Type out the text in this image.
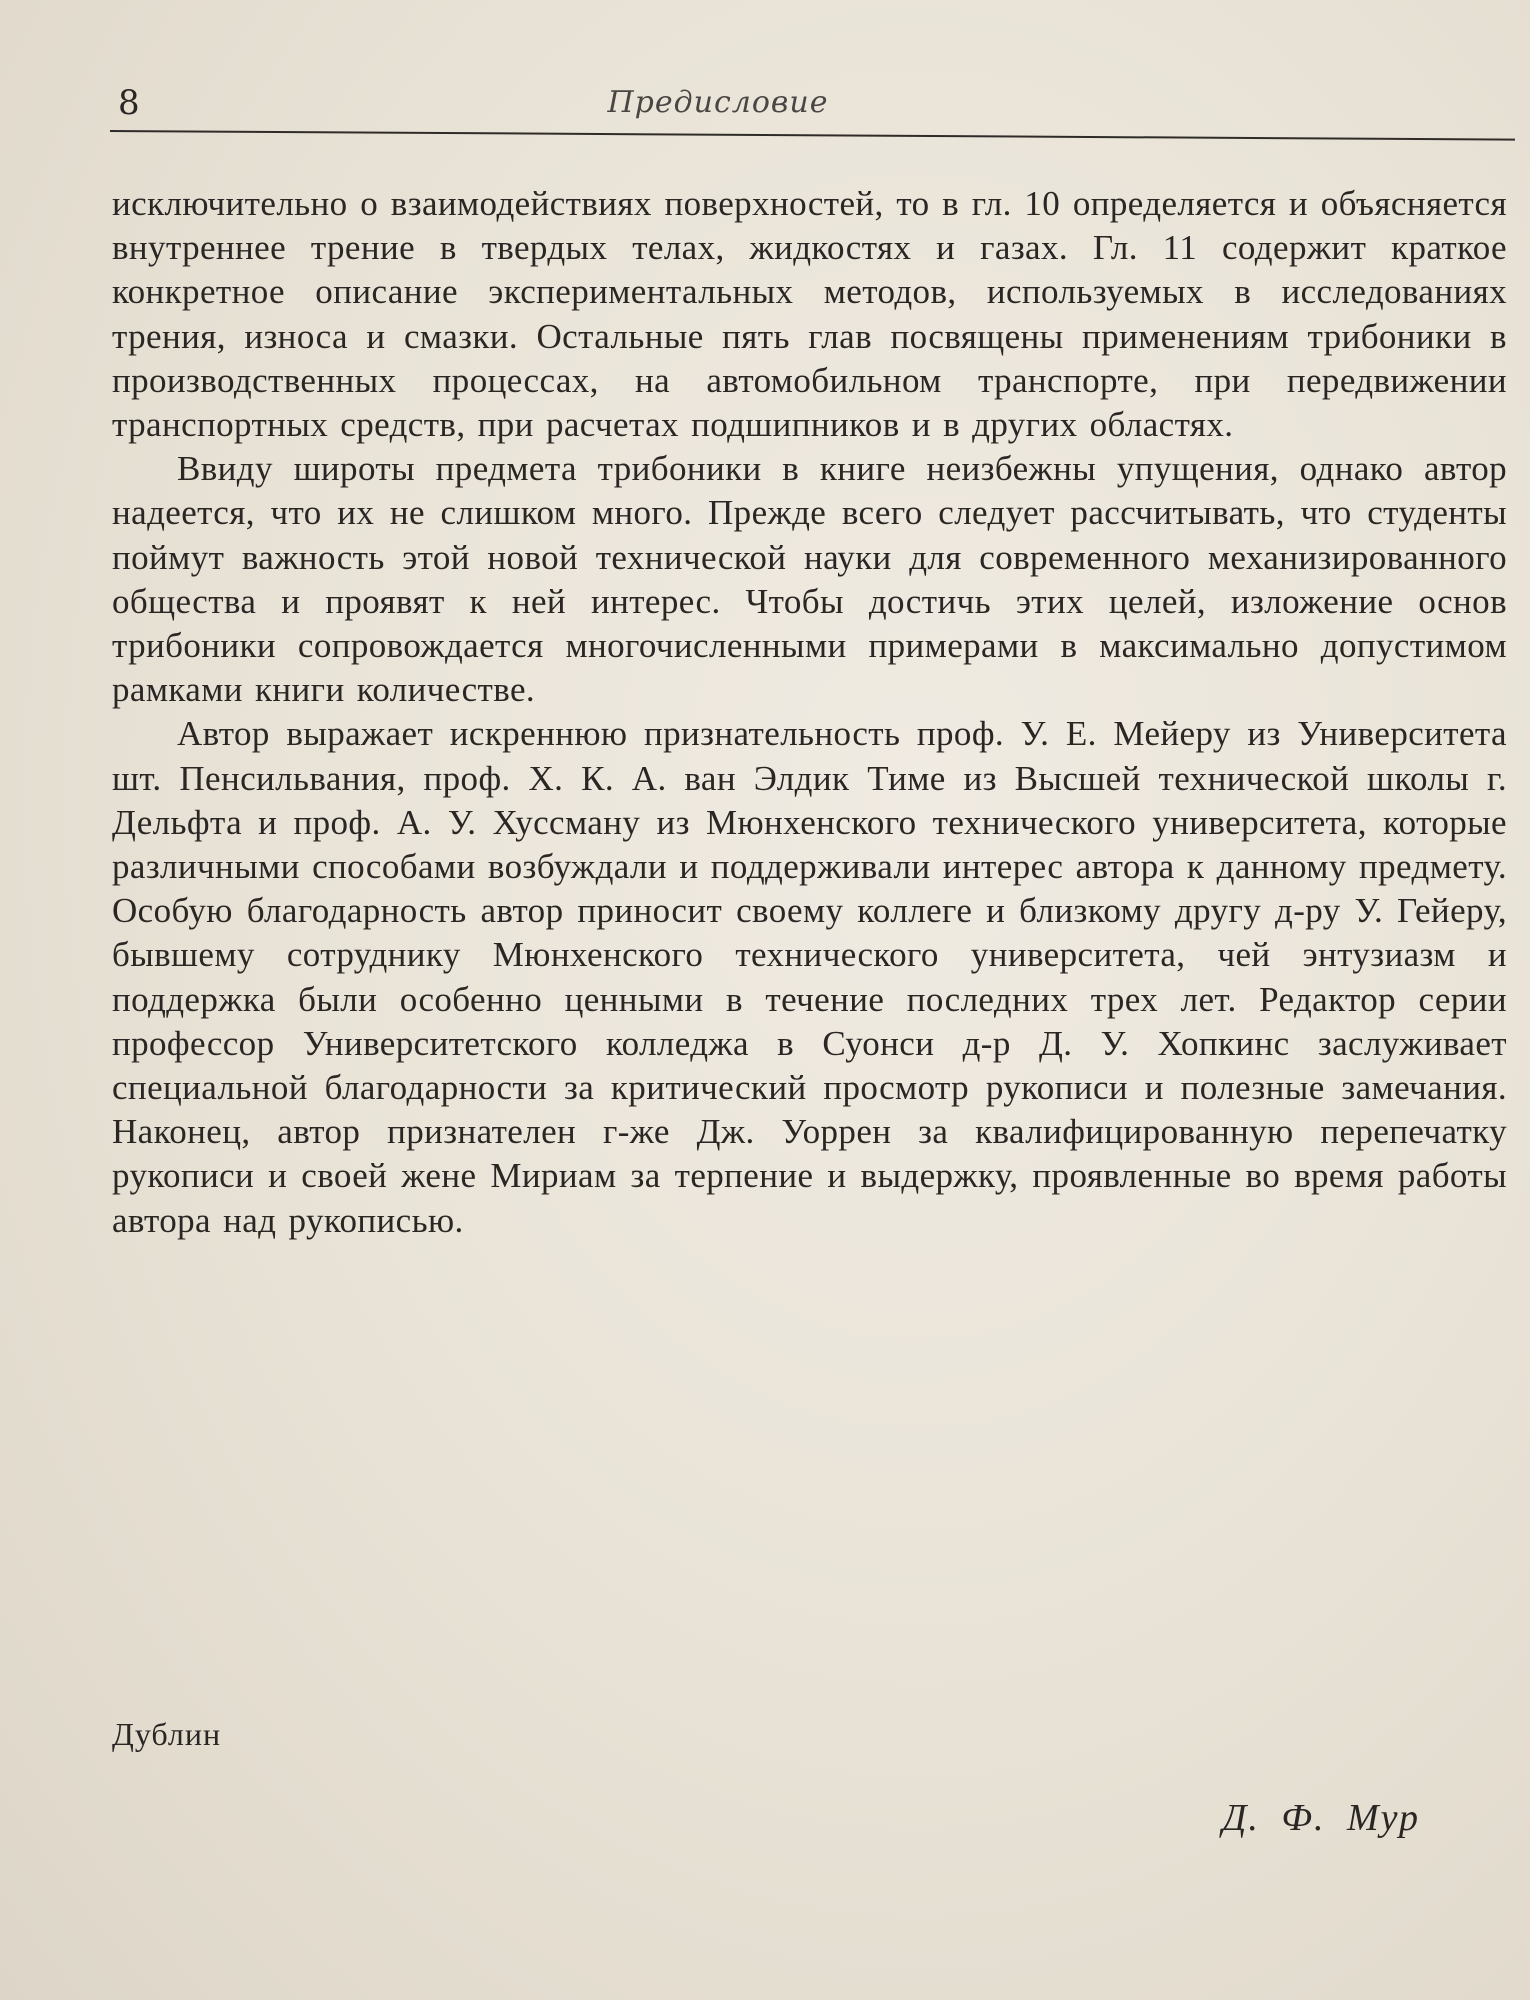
8	Предисловие

исключительно о взаимодействиях поверхностей, то в гл. 10 определяется и объясняется внутреннее трение в твердых телах, жидкостях и газах. Гл. 11 содержит краткое конкретное описание экспериментальных методов, используемых в исследованиях трения, износа и смазки. Остальные пять глав посвящены применениям трибоники в производственных процессах, на автомобильном транспорте, при передвижении транспортных средств, при расчетах подшипников и в других областях.

Ввиду широты предмета трибоники в книге неизбежны упущения, однако автор надеется, что их не слишком много. Прежде всего следует рассчитывать, что студенты поймут важность этой новой технической науки для современного механизированного общества и проявят к ней интерес. Чтобы достичь этих целей, изложение основ трибоники сопровождается многочисленными примерами в максимально допустимом рамками книги количестве.

Автор выражает искреннюю признательность проф. У. Е. Мейеру из Университета шт. Пенсильвания, проф. Х. К. А. ван Элдик Тиме из Высшей технической школы г. Дельфта и проф. А. У. Хуссману из Мюнхенского технического университета, которые различными способами возбуждали и поддерживали интерес автора к данному предмету. Особую благодарность автор приносит своему коллеге и близкому другу д-ру У. Гейеру, бывшему сотруднику Мюнхенского технического университета, чей энтузиазм и поддержка были особенно ценными в течение последних трех лет. Редактор серии профессор Университетского колледжа в Суонси д-р Д. У. Хопкинс заслуживает специальной благодарности за критический просмотр рукописи и полезные замечания. Наконец, автор признателен г-же Дж. Уоррен за квалифицированную перепечатку рукописи и своей жене Мириам за терпение и выдержку, проявленные во время работы автора над рукописью.

Дублин
Д. Ф. Мур
